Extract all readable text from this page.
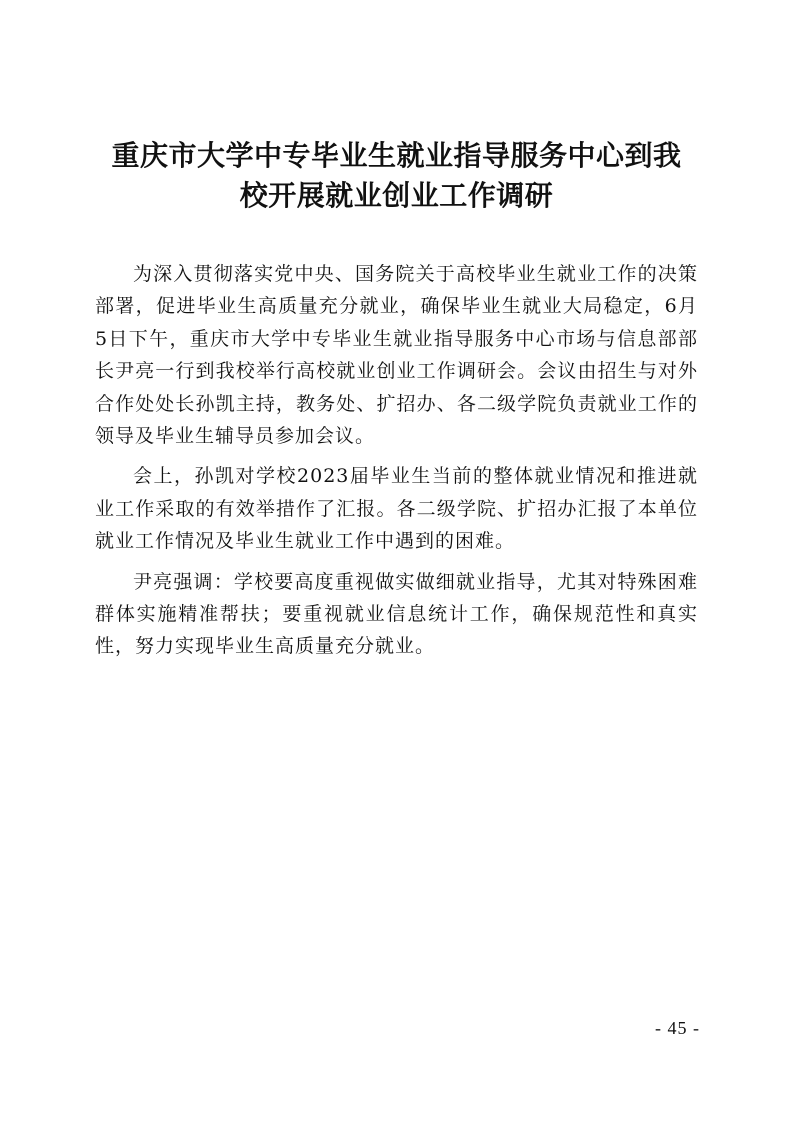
重庆市大学中专毕业生就业指导服务中心到我
校开展就业创业工作调研

为深入贯彻落实党中央、国务院关于高校毕业生就业工作的决策部署，促进毕业生高质量充分就业，确保毕业生就业大局稳定，6月5日下午，重庆市大学中专毕业生就业指导服务中心市场与信息部部长尹亮一行到我校举行高校就业创业工作调研会。会议由招生与对外合作处处长孙凯主持，教务处、扩招办、各二级学院负责就业工作的领导及毕业生辅导员参加会议。

会上，孙凯对学校2023届毕业生当前的整体就业情况和推进就业工作采取的有效举措作了汇报。各二级学院、扩招办汇报了本单位就业工作情况及毕业生就业工作中遇到的困难。

尹亮强调：学校要高度重视做实做细就业指导，尤其对特殊困难群体实施精准帮扶；要重视就业信息统计工作，确保规范性和真实性，努力实现毕业生高质量充分就业。

- 45 -
